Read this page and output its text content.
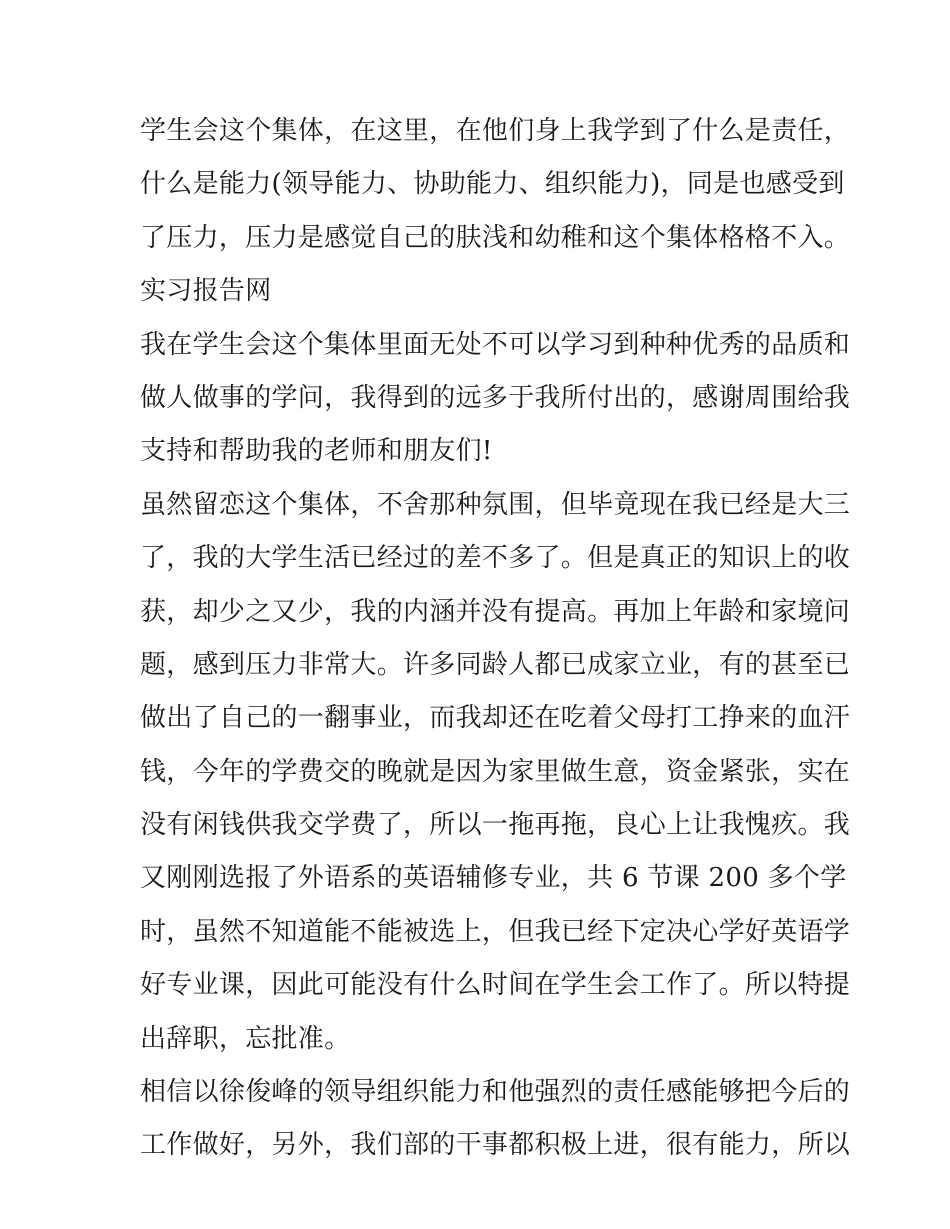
学生会这个集体，在这里，在他们身上我学到了什么是责任，
什么是能力(领导能力、协助能力、组织能力)，同是也感受到
了压力，压力是感觉自己的肤浅和幼稚和这个集体格格不入。
实习报告网
我在学生会这个集体里面无处不可以学习到种种优秀的品质和
做人做事的学问，我得到的远多于我所付出的，感谢周围给我
支持和帮助我的老师和朋友们!
虽然留恋这个集体，不舍那种氛围，但毕竟现在我已经是大三
了，我的大学生活已经过的差不多了。但是真正的知识上的收
获，却少之又少，我的内涵并没有提高。再加上年龄和家境问
题，感到压力非常大。许多同龄人都已成家立业，有的甚至已
做出了自己的一翻事业，而我却还在吃着父母打工挣来的血汗
钱，今年的学费交的晚就是因为家里做生意，资金紧张，实在
没有闲钱供我交学费了，所以一拖再拖，良心上让我愧疚。我
又刚刚选报了外语系的英语辅修专业，共 6 节课 200 多个学
时，虽然不知道能不能被选上，但我已经下定决心学好英语学
好专业课，因此可能没有什么时间在学生会工作了。所以特提
出辞职，忘批准。
相信以徐俊峰的领导组织能力和他强烈的责任感能够把今后的
工作做好，另外，我们部的干事都积极上进，很有能力，所以
